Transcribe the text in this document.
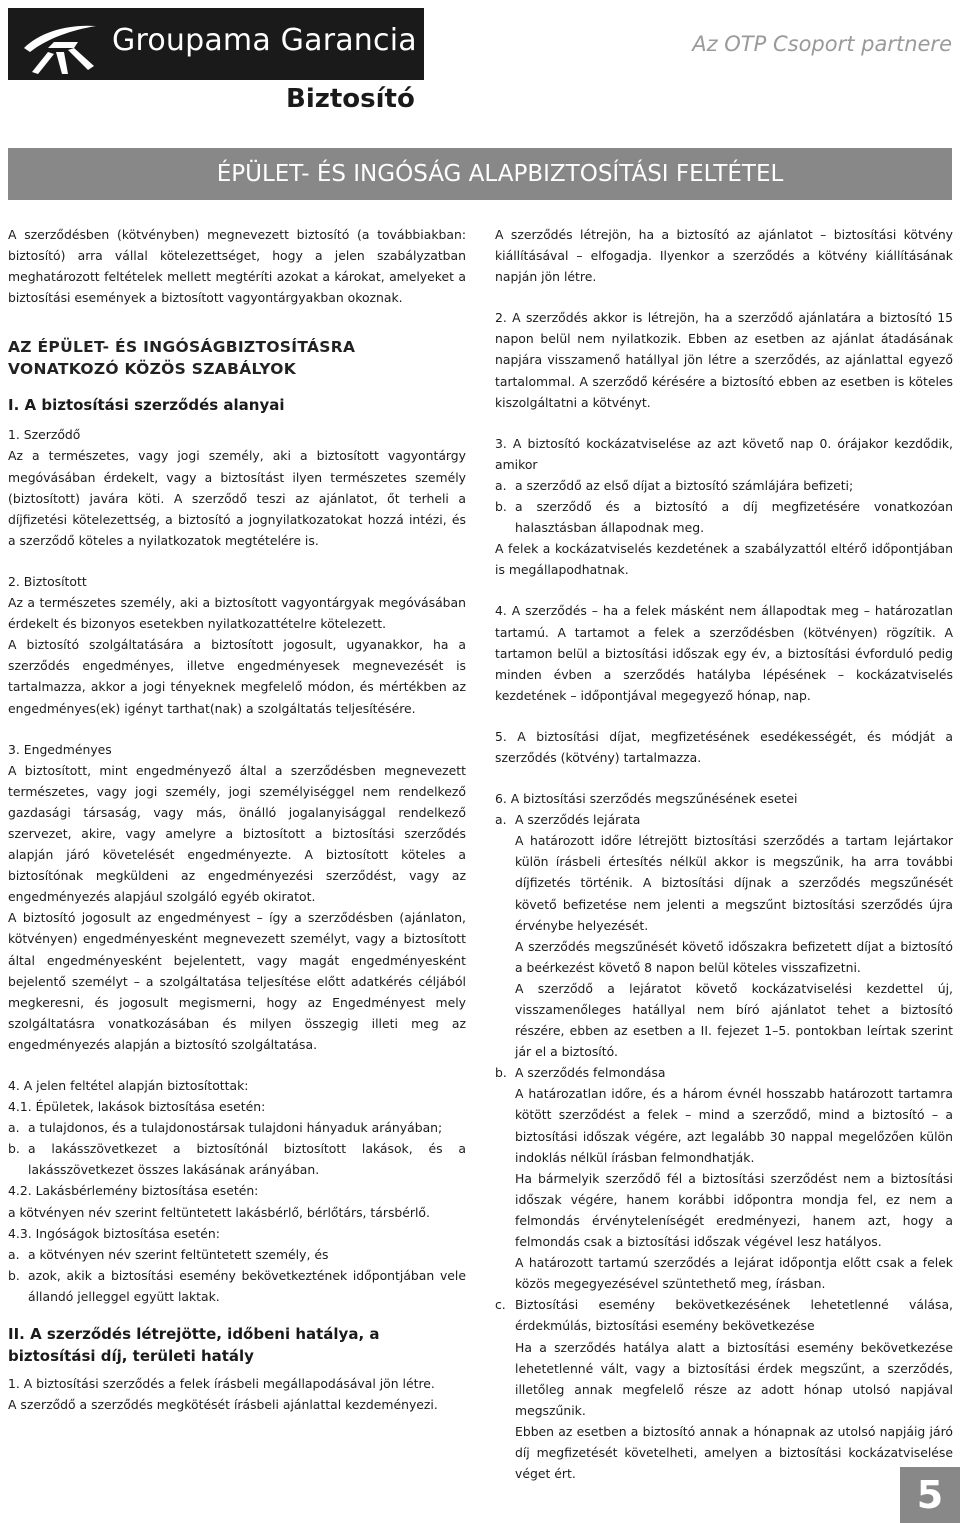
Groupama Garancia	Az OTP Csoport partnere
Biztosító
ÉPÜLET- ÉS INGÓSÁG ALAPBIZTOSÍTÁSI FELTÉTEL

A szerződésben (kötvényben) megnevezett biztosító (a továbbiakban: biztosító) arra vállal kötelezettséget, hogy a jelen szabályzatban meghatározott feltételek mellett megtéríti azokat a károkat, amelyeket a biztosítási események a biztosított vagyontárgyakban okoznak.

AZ ÉPÜLET- ÉS INGÓSÁGBIZTOSÍTÁSRA VONATKOZÓ KÖZÖS SZABÁLYOK
I. A biztosítási szerződés alanyai

1. Szerződő

Az a természetes, vagy jogi személy, aki a biztosított vagyontárgy megóvásában érdekelt, vagy a biztosítást ilyen természetes személy (biztosított) javára köti. A szerződő teszi az ajánlatot, őt terheli a díjfizetési kötelezettség, a biztosító a jognyilatkozatokat hozzá intézi, és a szerződő köteles a nyilatkozatok megtételére is.

2. Biztosított

Az a természetes személy, aki a biztosított vagyontárgyak megóvásában érdekelt és bizonyos esetekben nyilatkozattételre kötelezett.

A biztosító szolgáltatására a biztosított jogosult, ugyanakkor, ha a szerződés engedményes, illetve engedményesek megnevezését is tartalmazza, akkor a jogi tényeknek megfelelő módon, és mértékben az engedményes(ek) igényt tarthat(nak) a szolgáltatás teljesítésére.

3. Engedményes

A biztosított, mint engedményező által a szerződésben megnevezett természetes, vagy jogi személy, jogi személyiséggel nem rendelkező gazdasági társaság, vagy más, önálló jogalanyisággal rendelkező szervezet, akire, vagy amelyre a biztosított a biztosítási szerződés alapján járó követelését engedményezte. A biztosított köteles a biztosítónak megküldeni az engedményezési szerződést, vagy az engedményezés alapjául szolgáló egyéb okiratot.

A biztosító jogosult az engedményest – így a szerződésben (ajánlaton, kötvényen) engedményesként megnevezett személyt, vagy a biztosított által engedményesként bejelentett, vagy magát engedményesként bejelentő személyt – a szolgáltatása teljesítése előtt adatkérés céljából megkeresni, és jogosult megismerni, hogy az Engedményest mely szolgáltatásra vonatkozásában és milyen összegig illeti meg az engedményezés alapján a biztosító szolgáltatása.

4. A jelen feltétel alapján biztosítottak:

4.1. Épületek, lakások biztosítása esetén:

a. a tulajdonos, és a tulajdonostársak tulajdoni hányaduk arányában;
b. a lakásszövetkezet a biztosítónál biztosított lakások, és a lakásszövetkezet összes lakásának arányában.

4.2. Lakásbérlemény biztosítása esetén:

a kötvényen név szerint feltüntetett lakásbérlő, bérlőtárs, társbérlő.

4.3. Ingóságok biztosítása esetén:

a. a kötvényen név szerint feltüntetett személy, és
b. azok, akik a biztosítási esemény bekövetkeztének időpontjában vele állandó jelleggel együtt laktak.
II. A szerződés létrejötte, időbeni hatálya, a biztosítási díj, területi hatály

1. A biztosítási szerződés a felek írásbeli megállapodásával jön létre.

A szerződő a szerződés megkötését írásbeli ajánlattal kezdeményezi.

A szerződés létrejön, ha a biztosító az ajánlatot – biztosítási kötvény kiállításával – elfogadja. Ilyenkor a szerződés a kötvény kiállításának napján jön létre.

2. A szerződés akkor is létrejön, ha a szerződő ajánlatára a biztosító 15 napon belül nem nyilatkozik. Ebben az esetben az ajánlat átadásának napjára visszamenő hatállyal jön létre a szerződés, az ajánlattal egyező tartalommal. A szerződő kérésére a biztosító ebben az esetben is köteles kiszolgáltatni a kötvényt.

3. A biztosító kockázatviselése az azt követő nap 0. órájakor kezdődik, amikor

a. a szerződő az első díjat a biztosító számlájára befizeti;
b. a szerződő és a biztosító a díj megfizetésére vonatkozóan halasztásban állapodnak meg.

A felek a kockázatviselés kezdetének a szabályzattól eltérő időpontjában is megállapodhatnak.

4. A szerződés – ha a felek másként nem állapodtak meg – határozatlan tartamú. A tartamot a felek a szerződésben (kötvényen) rögzítik. A tartamon belül a biztosítási időszak egy év, a biztosítási évforduló pedig minden évben a szerződés hatályba lépésének – kockázatviselés kezdetének – időpontjával megegyező hónap, nap.

5. A biztosítási díjat, megfizetésének esedékességét, és módját a szerződés (kötvény) tartalmazza.

6. A biztosítási szerződés megszűnésének esetei

a. A szerződés lejárata

A határozott időre létrejött biztosítási szerződés a tartam lejártakor külön írásbeli értesítés nélkül akkor is megszűnik, ha arra további díjfizetés történik. A biztosítási díjnak a szerződés megszűnését követő befizetése nem jelenti a megszűnt biztosítási szerződés újra érvénybe helyezését.

A szerződés megszűnését követő időszakra befizetett díjat a biztosító a beérkezést követő 8 napon belül köteles visszafizetni.

A szerződő a lejáratot követő kockázatviselési kezdettel új, visszamenőleges hatállyal nem bíró ajánlatot tehet a biztosító részére, ebben az esetben a II. fejezet 1–5. pontokban leírtak szerint jár el a biztosító.

b. A szerződés felmondása

A határozatlan időre, és a három évnél hosszabb határozott tartamra kötött szerződést a felek – mind a szerződő, mind a biztosító – a biztosítási időszak végére, azt legalább 30 nappal megelőzően külön indoklás nélkül írásban felmondhatják.

Ha bármelyik szerződő fél a biztosítási szerződést nem a biztosítási időszak végére, hanem korábbi időpontra mondja fel, ez nem a felmondás érvényteleníségét eredményezi, hanem azt, hogy a felmondás csak a biztosítási időszak végével lesz hatályos.

A határozott tartamú szerződés a lejárat időpontja előtt csak a felek közös megegyezésével szüntethető meg, írásban.

c. Biztosítási esemény bekövetkezésének lehetetlenné válása, érdekmúlás, biztosítási esemény bekövetkezése

Ha a szerződés hatálya alatt a biztosítási esemény bekövetkezése lehetetlenné vált, vagy a biztosítási érdek megszűnt, a szerződés, illetőleg annak megfelelő része az adott hónap utolsó napjával megszűnik.

Ebben az esetben a biztosító annak a hónapnak az utolsó napjáig járó díj megfizetését követelheti, amelyen a biztosítási kockázatviselése véget ért.	5
